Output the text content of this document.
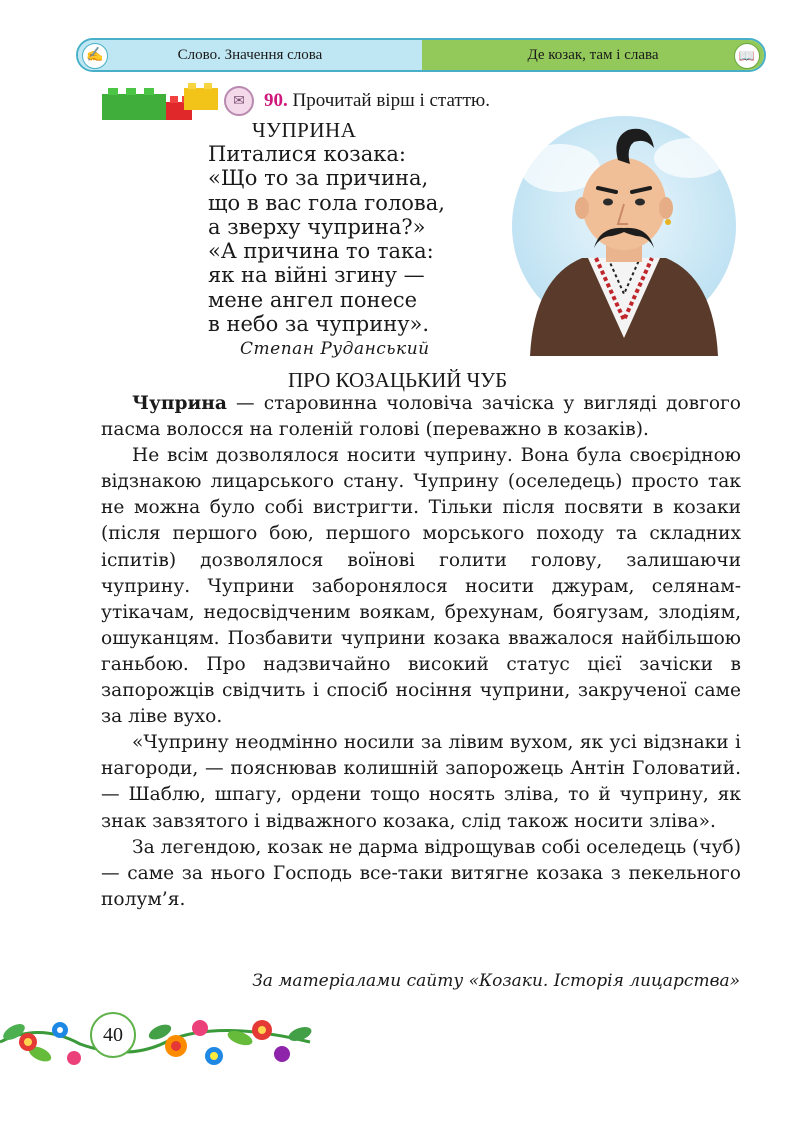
✍	Слово. Значення слова	Де козак, там і слава	📖
✉	90. Прочитай вірш і статтю.
ЧУПРИНА
Питалися козака:
«Що то за причина,
що в вас гола голова,
а зверху чуприна?»
«А причина то така:
як на війні згину —
мене ангел понесе
в небо за чуприну».
Степан Руданський
ПРО КОЗАЦЬКИЙ ЧУБ

Чуприна — старовинна чоловіча зачіска у вигляді довгого пасма волосся на голеній голові (переважно в козаків).

Не всім дозволялося носити чуприну. Вона була своєрідною відзнакою лицарського стану. Чуприну (оселедець) просто так не можна було собі вистригти. Тільки після посвяти в козаки (після першого бою, першого морського походу та складних іспитів) дозволялося воїнові голити голову, залишаючи чуприну. Чуприни заборонялося носити джурам, селянам-утікачам, недосвідченим воякам, брехунам, боягузам, злодіям, ошуканцям. Позбавити чуприни козака вважалося найбільшою ганьбою. Про надзвичайно високий статус цієї зачіски в запорожців свідчить і спосіб носіння чуприни, закрученої саме за ліве вухо.

«Чуприну неодмінно носили за лівим вухом, як усі відзнаки і нагороди, — пояснював колишній запорожець Антін Головатий. — Шаблю, шпагу, ордени тощо носять зліва, то й чуприну, як знак завзятого і відважного козака, слід також носити зліва».

За легендою, козак не дарма відрощував собі оселедець (чуб) — саме за нього Господь все-таки витягне козака з пекельного полум’я.

За матеріалами сайту «Козаки. Історія лицарства»
40
